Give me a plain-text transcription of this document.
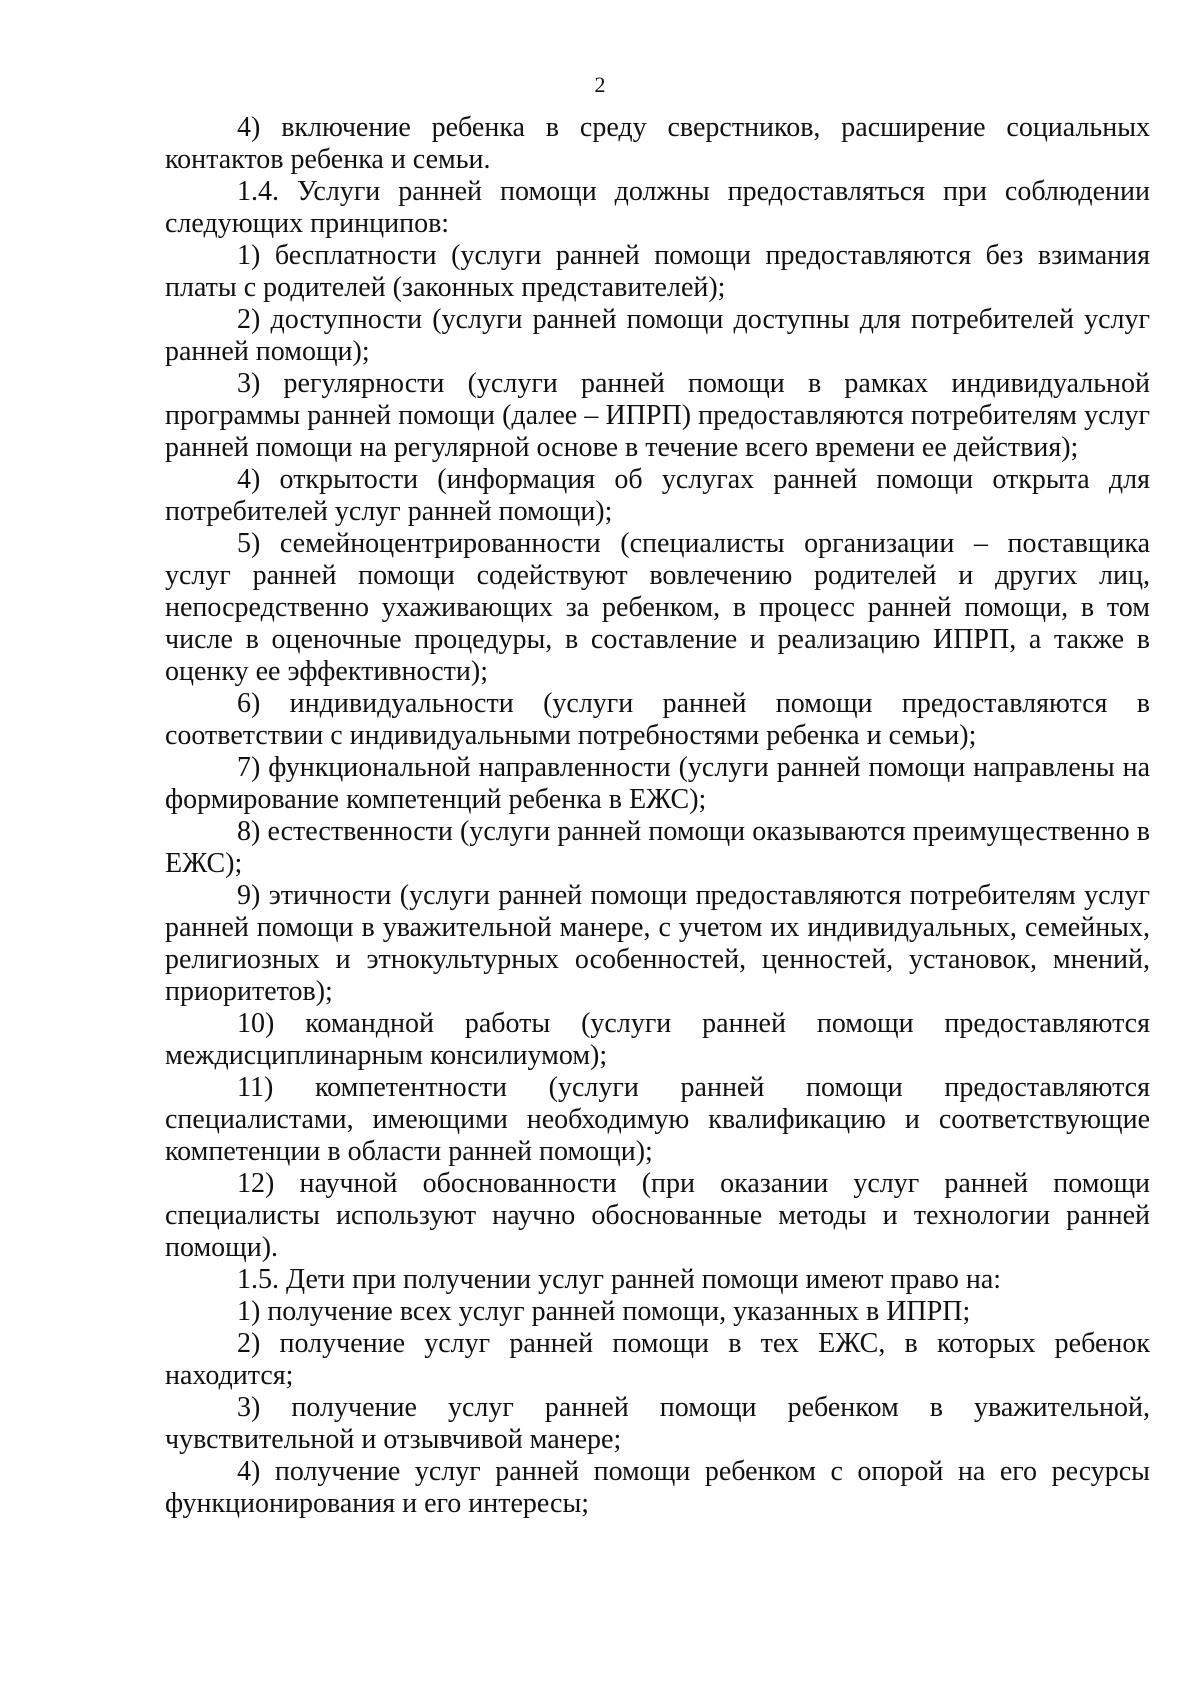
2

4) включение ребенка в среду сверстников, расширение социальных контактов ребенка и семьи.

1.4. Услуги ранней помощи должны предоставляться при соблюдении следующих принципов:

1) бесплатности (услуги ранней помощи предоставляются без взимания платы с родителей (законных представителей);

2) доступности (услуги ранней помощи доступны для потребителей услуг ранней помощи);

3) регулярности (услуги ранней помощи в рамках индивидуальной программы ранней помощи (далее – ИПРП) предоставляются потребителям услуг ранней помощи на регулярной основе в течение всего времени ее действия);

4) открытости (информация об услугах ранней помощи открыта для потребителей услуг ранней помощи);

5) семейноцентрированности (специалисты организации – поставщика услуг ранней помощи содействуют вовлечению родителей и других лиц, непосредственно ухаживающих за ребенком, в процесс ранней помощи, в том числе в оценочные процедуры, в составление и реализацию ИПРП, а также в оценку ее эффективности);

6) индивидуальности (услуги ранней помощи предоставляются в соответствии с индивидуальными потребностями ребенка и семьи);

7) функциональной направленности (услуги ранней помощи направлены на формирование компетенций ребенка в ЕЖС);

8) естественности (услуги ранней помощи оказываются преимущественно в ЕЖС);

9) этичности (услуги ранней помощи предоставляются потребителям услуг ранней помощи в уважительной манере, с учетом их индивидуальных, семейных, религиозных и этнокультурных особенностей, ценностей, установок, мнений, приоритетов);

10) командной работы (услуги ранней помощи предоставляются междисциплинарным консилиумом);

11) компетентности (услуги ранней помощи предоставляются специалистами, имеющими необходимую квалификацию и соответствующие компетенции в области ранней помощи);

12) научной обоснованности (при оказании услуг ранней помощи специалисты используют научно обоснованные методы и технологии ранней помощи).

1.5. Дети при получении услуг ранней помощи имеют право на:

1) получение всех услуг ранней помощи, указанных в ИПРП;

2) получение услуг ранней помощи в тех ЕЖС, в которых ребенок находится;

3) получение услуг ранней помощи ребенком в уважительной, чувствительной и отзывчивой манере;

4) получение услуг ранней помощи ребенком с опорой на его ресурсы функционирования и его интересы;
